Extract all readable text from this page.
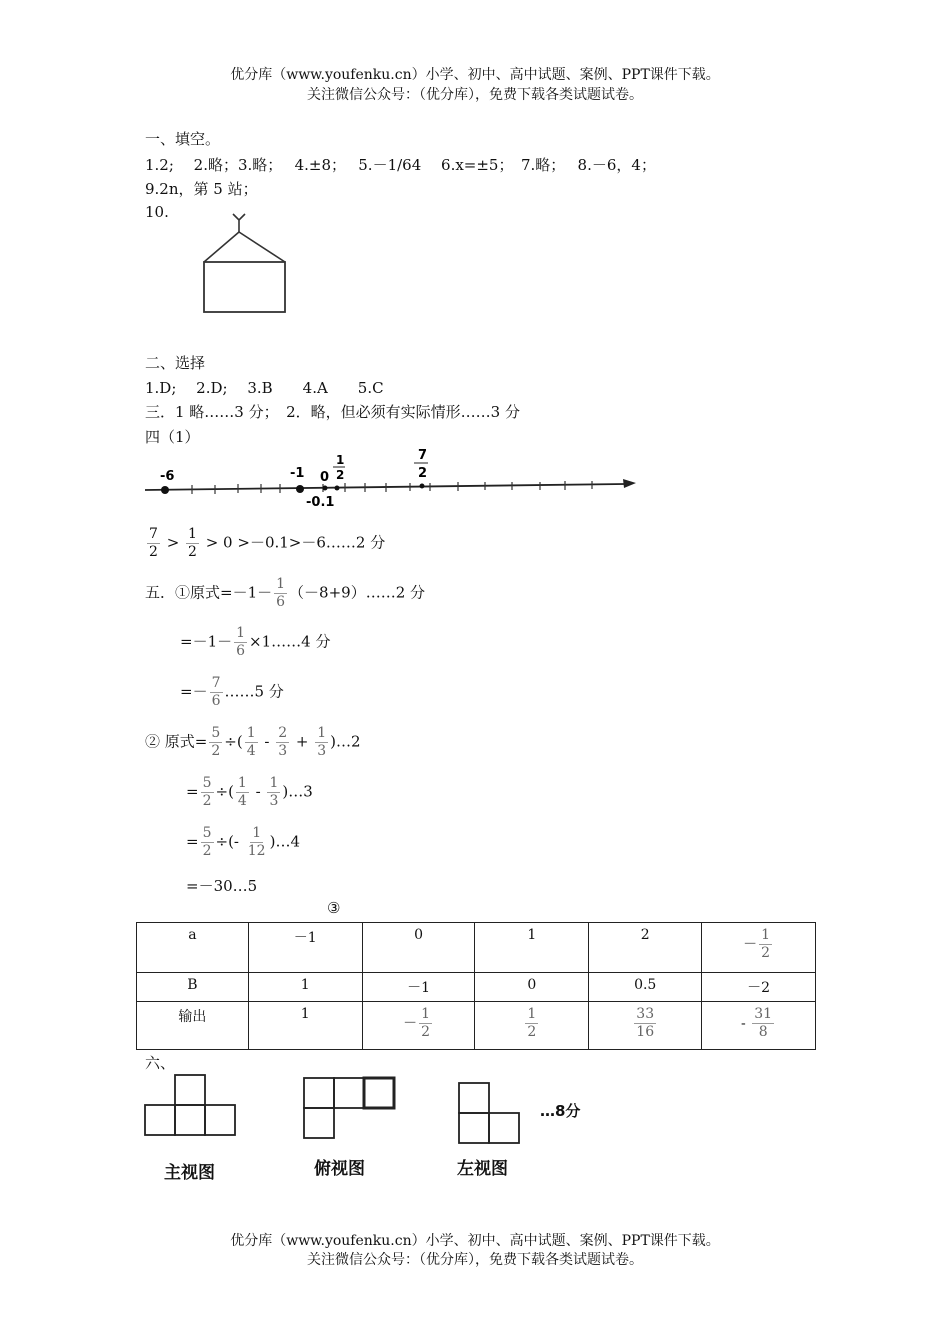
优分库（www.youfenku.cn）小学、初中、高中试题、案例、PPT课件下载。
关注微信公众号：（优分库），免费下载各类试题试卷。
一、填空。
1.2;　 2.略；3.略；　 4.±8；　 5.－1/64　 6.x=±5；　7.略；　 8.－6，4；
9.2n，第 5 站；
10.
二、选择
1.D;　 2.D;　 3.B　　4.A　　5.C
三．1 略……3 分；　2．略，但必须有实际情形……3 分
四（1）
-6	-1 0
1
2
-0.1
7
2
$\frac{7}{2} > \frac{1}{2} > 0$ >－0.1>－6……2 分
五．①原式$=-1- \frac{1}{6}$ （－8+9）……2 分
$=-1- \frac{1}{6}$ ×1……4 分
=－ $\frac{7}{6}$ ……5 分
② 原式= $\frac{5}{2}$ ÷( $\frac{1}{4} - \frac{2}{3} + \frac{1}{3}$ )…2
= $\frac{5}{2}$ ÷( $\frac{1}{4} - \frac{1}{3}$ )…3
= $\frac{5}{2}$ ÷(- $\frac{1}{12}$ )…4
=－30…5
③
a	－1	0	1	2	－ $\frac{1}{2}$

B	1	－1	0	0.5	－2
输出	1	－ $\frac{1}{2}$	$\frac{1}{2}$	$\frac{33}{16}$	- $\frac{31}{8}$
六、
主视图	俯视图	左视图
…8分
优分库（www.youfenku.cn）小学、初中、高中试题、案例、PPT课件下载。
关注微信公众号：（优分库），免费下载各类试题试卷。
